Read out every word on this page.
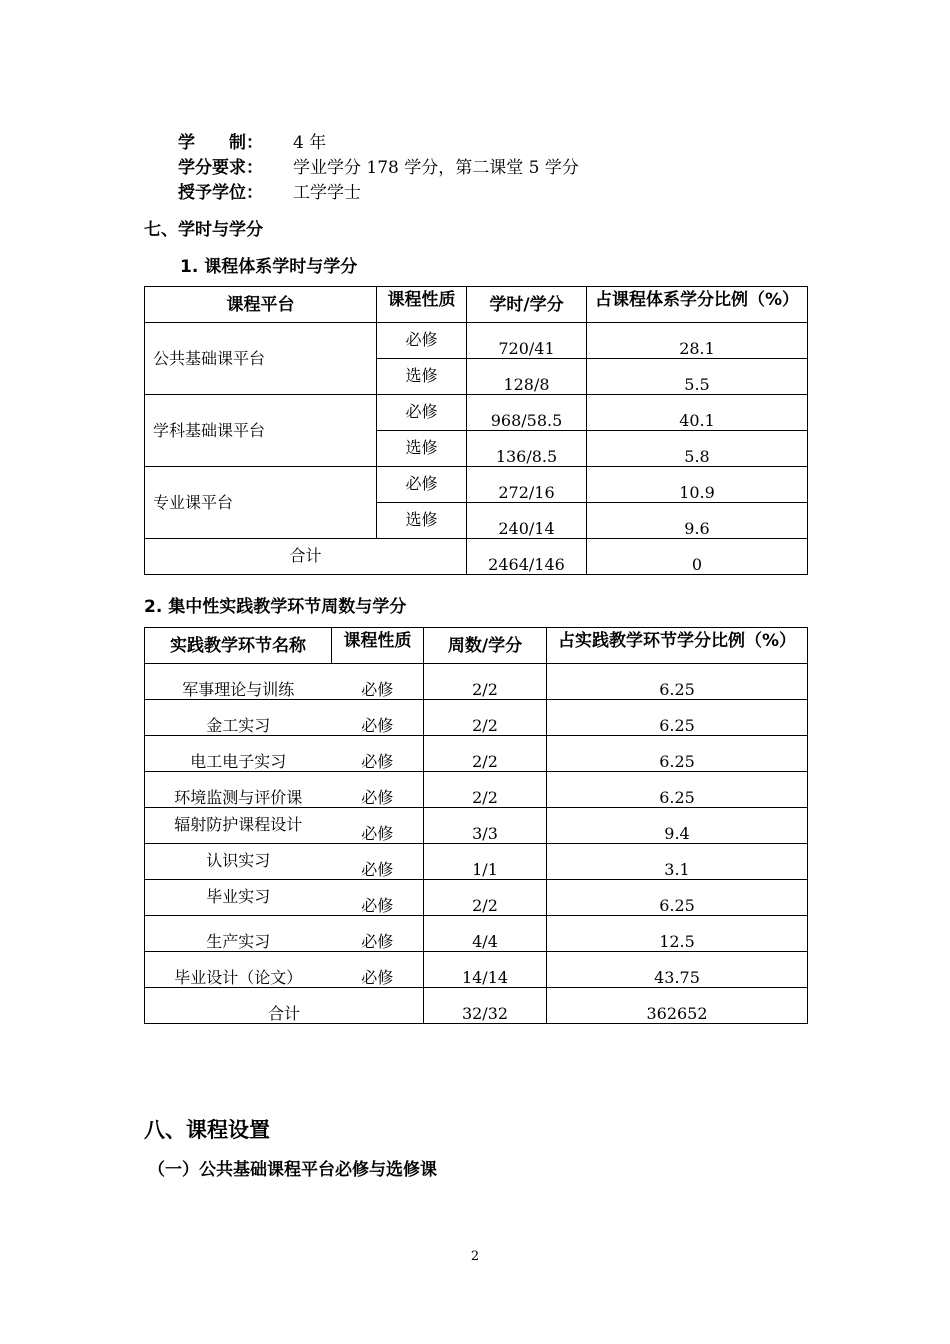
学　　制： 4 年
学分要求： 学业学分 178 学分，第二课堂 5 学分
授予学位： 工学学士
七、学时与学分
1. 课程体系学时与学分
课程平台	课程性质	学时/学分	占课程体系学分比例（%）

公共基础课平台	必修	720/41	28.1

	选修	128/8	5.5

学科基础课平台	必修	968/58.5	40.1

	选修	136/8.5	5.8

专业课平台	必修	272/16	10.9

	选修	240/14	9.6

合计		2464/146	0
2. 集中性实践教学环节周数与学分
实践教学环节名称	课程性质	周数/学分	占实践教学环节学分比例（%）

军事理论与训练	必修	2/2	6.25

金工实习	必修	2/2	6.25

电工电子实习	必修	2/2	6.25

环境监测与评价课	必修	2/2	6.25

辐射防护课程设计	必修	3/3	9.4

认识实习	必修	1/1	3.1

毕业实习	必修	2/2	6.25

生产实习	必修	4/4	12.5

毕业设计（论文）	必修	14/14	43.75

合计		32/32	362652
八、课程设置
（一）公共基础课程平台必修与选修课
2
